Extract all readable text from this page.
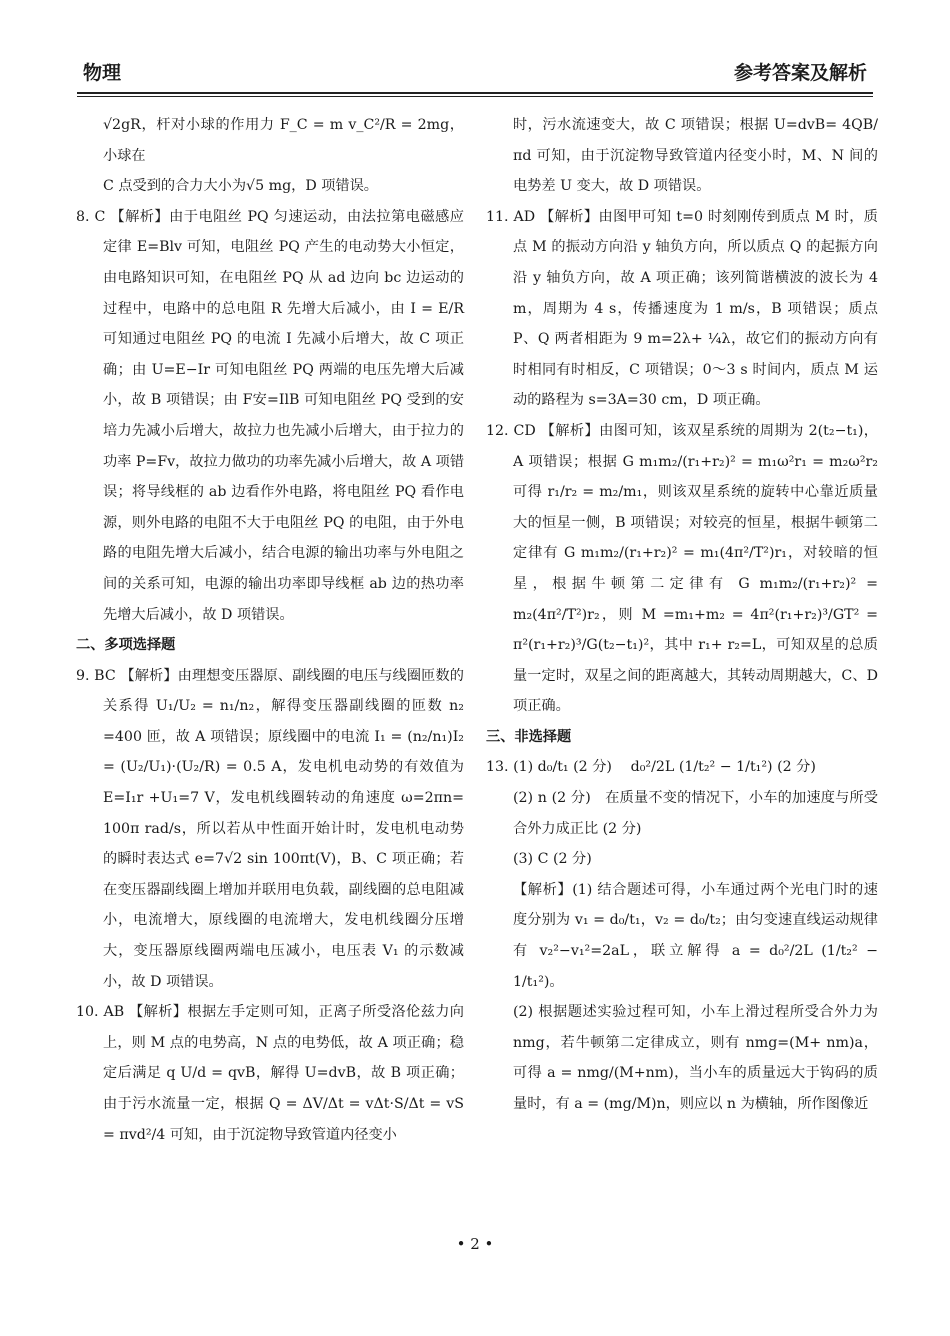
物理	参考答案及解析

√2gR，杆对小球的作用力 F_C = m v_C²/R = 2mg，小球在

C 点受到的合力大小为√5 mg，D 项错误。

8. C 【解析】由于电阻丝 PQ 匀速运动，由法拉第电磁感应定律 E=Blv 可知，电阻丝 PQ 产生的电动势大小恒定，由电路知识可知，在电阻丝 PQ 从 ad 边向 bc 边运动的过程中，电路中的总电阻 R 先增大后减小，由 I = E/R 可知通过电阻丝 PQ 的电流 I 先减小后增大，故 C 项正确；由 U=E−Ir 可知电阻丝 PQ 两端的电压先增大后减小，故 B 项错误；由 F安=IlB 可知电阻丝 PQ 受到的安培力先减小后增大，故拉力也先减小后增大，由于拉力的功率 P=Fv，故拉力做功的功率先减小后增大，故 A 项错误；将导线框的 ab 边看作外电路，将电阻丝 PQ 看作电源，则外电路的电阻不大于电阻丝 PQ 的电阻，由于外电路的电阻先增大后减小，结合电源的输出功率与外电阻之间的关系可知，电源的输出功率即导线框 ab 边的热功率先增大后减小，故 D 项错误。

二、多项选择题

9. BC 【解析】由理想变压器原、副线圈的电压与线圈匝数的关系得 U₁/U₂ = n₁/n₂，解得变压器副线圈的匝数 n₂ =400 匝，故 A 项错误；原线圈中的电流 I₁ = (n₂/n₁)I₂ = (U₂/U₁)·(U₂/R) = 0.5 A，发电机电动势的有效值为 E=I₁r +U₁=7 V，发电机线圈转动的角速度 ω=2πn= 100π rad/s，所以若从中性面开始计时，发电机电动势的瞬时表达式 e=7√2 sin 100πt(V)，B、C 项正确；若在变压器副线圈上增加并联用电负载，副线圈的总电阻减小，电流增大，原线圈的电流增大，发电机线圈分压增大，变压器原线圈两端电压减小，电压表 V₁ 的示数减小，故 D 项错误。

10. AB 【解析】根据左手定则可知，正离子所受洛伦兹力向上，则 M 点的电势高，N 点的电势低，故 A 项正确；稳定后满足 q U/d = qvB，解得 U=dvB，故 B 项正确；由于污水流量一定，根据 Q = ΔV/Δt = vΔt·S/Δt = vS = πvd²/4 可知，由于沉淀物导致管道内径变小

时，污水流速变大，故 C 项错误；根据 U=dvB= 4QB/πd 可知，由于沉淀物导致管道内径变小时，M、N 间的电势差 U 变大，故 D 项错误。

11. AD 【解析】由图甲可知 t=0 时刻刚传到质点 M 时，质点 M 的振动方向沿 y 轴负方向，所以质点 Q 的起振方向沿 y 轴负方向，故 A 项正确；该列简谐横波的波长为 4 m，周期为 4 s，传播速度为 1 m/s，B 项错误；质点 P、Q 两者相距为 9 m=2λ+ ¼λ，故它们的振动方向有时相同有时相反，C 项错误；0～3 s 时间内，质点 M 运动的路程为 s=3A=30 cm，D 项正确。

12. CD 【解析】由图可知，该双星系统的周期为 2(t₂−t₁)，A 项错误；根据 G m₁m₂/(r₁+r₂)² = m₁ω²r₁ = m₂ω²r₂ 可得 r₁/r₂ = m₂/m₁，则该双星系统的旋转中心靠近质量大的恒星一侧，B 项错误；对较亮的恒星，根据牛顿第二定律有 G m₁m₂/(r₁+r₂)² = m₁(4π²/T²)r₁，对较暗的恒星，根据牛顿第二定律有 G m₁m₂/(r₁+r₂)² = m₂(4π²/T²)r₂，则 M =m₁+m₂ = 4π²(r₁+r₂)³/GT² = π²(r₁+r₂)³/G(t₂−t₁)²，其中 r₁+ r₂=L，可知双星的总质量一定时，双星之间的距离越大，其转动周期越大，C、D 项正确。

三、非选择题

13. (1) d₀/t₁ (2 分)　 d₀²/2L (1/t₂² − 1/t₁²) (2 分)

(2) n (2 分)　在质量不变的情况下，小车的加速度与所受合外力成正比 (2 分)

(3) C (2 分)

【解析】(1) 结合题述可得，小车通过两个光电门时的速度分别为 v₁ = d₀/t₁，v₂ = d₀/t₂；由匀变速直线运动规律有 v₂²−v₁²=2aL，联立解得 a = d₀²/2L (1/t₂² − 1/t₁²)。

(2) 根据题述实验过程可知，小车上滑过程所受合外力为 nmg，若牛顿第二定律成立，则有 nmg=(M+ nm)a，可得 a = nmg/(M+nm)，当小车的质量远大于钩码的质量时，有 a = (mg/M)n，则应以 n 为横轴，所作图像近

• 2 •
